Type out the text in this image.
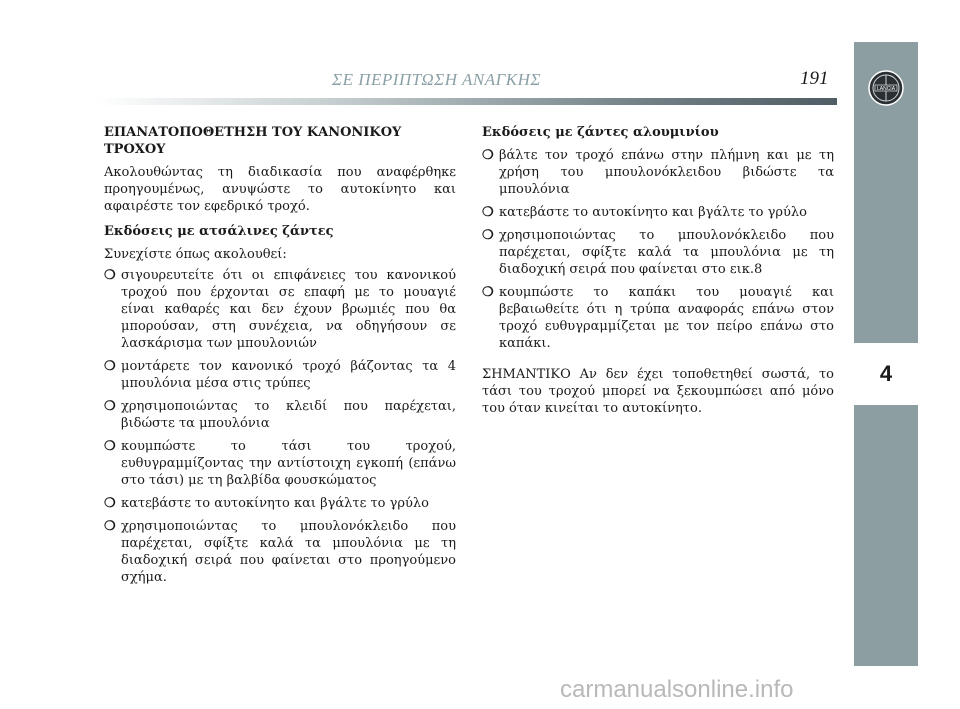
ΣΕ ΠΕΡΙΠΤΩΣΗ ΑΝΑΓΚΗΣ	191	LANCIA
4

ΕΠΑΝΑΤΟΠΟΘΕΤΗΣΗ ΤΟΥ ΚΑΝΟΝΙΚΟΥ ΤΡΟΧΟΥ

Ακολουθώντας τη διαδικασία που αναφέρθηκε προηγουμένως, ανυψώστε το αυτοκίνητο και αφαιρέστε τον εφεδρικό τροχό.

Εκδόσεις με ατσάλινες ζάντες

Συνεχίστε όπως ακολουθεί:

❍ σιγουρευτείτε ότι οι επιφάνειες του κανονικού τροχού που έρχονται σε επαφή με το μουαγιέ είναι καθαρές και δεν έχουν βρωμιές που θα μπορούσαν, στη συνέχεια, να οδηγήσουν σε λασκάρισμα των μπουλονιών
❍ μοντάρετε τον κανονικό τροχό βάζοντας τα 4 μπουλόνια μέσα στις τρύπες
❍ χρησιμοποιώντας το κλειδί που παρέχεται, βιδώστε τα μπουλόνια
❍ κουμπώστε το τάσι του τροχού, ευθυγραμμίζοντας την αντίστοιχη εγκοπή (επάνω στο τάσι) με τη βαλβίδα φουσκώματος
❍ κατεβάστε το αυτοκίνητο και βγάλτε το γρύλο
❍ χρησιμοποιώντας το μπουλονόκλειδο που παρέχεται, σφίξτε καλά τα μπουλόνια με τη διαδοχική σειρά που φαίνεται στο προηγούμενο σχήμα.

Εκδόσεις με ζάντες αλουμινίου

❍ βάλτε τον τροχό επάνω στην πλήμνη και με τη χρήση του μπουλονόκλειδου βιδώστε τα μπουλόνια
❍ κατεβάστε το αυτοκίνητο και βγάλτε το γρύλο
❍ χρησιμοποιώντας το μπουλονόκλειδο που παρέχεται, σφίξτε καλά τα μπουλόνια με τη διαδοχική σειρά που φαίνεται στο εικ.8
❍ κουμπώστε το καπάκι του μουαγιέ και βεβαιωθείτε ότι η τρύπα αναφοράς επάνω στον τροχό ευθυγραμμίζεται με τον πείρο επάνω στο καπάκι.

ΣΗΜΑΝΤΙΚΟ Αν δεν έχει τοποθετηθεί σωστά, το τάσι του τροχού μπορεί να ξεκουμπώσει από μόνο του όταν κινείται το αυτοκίνητο.

carmanualsonline.info
